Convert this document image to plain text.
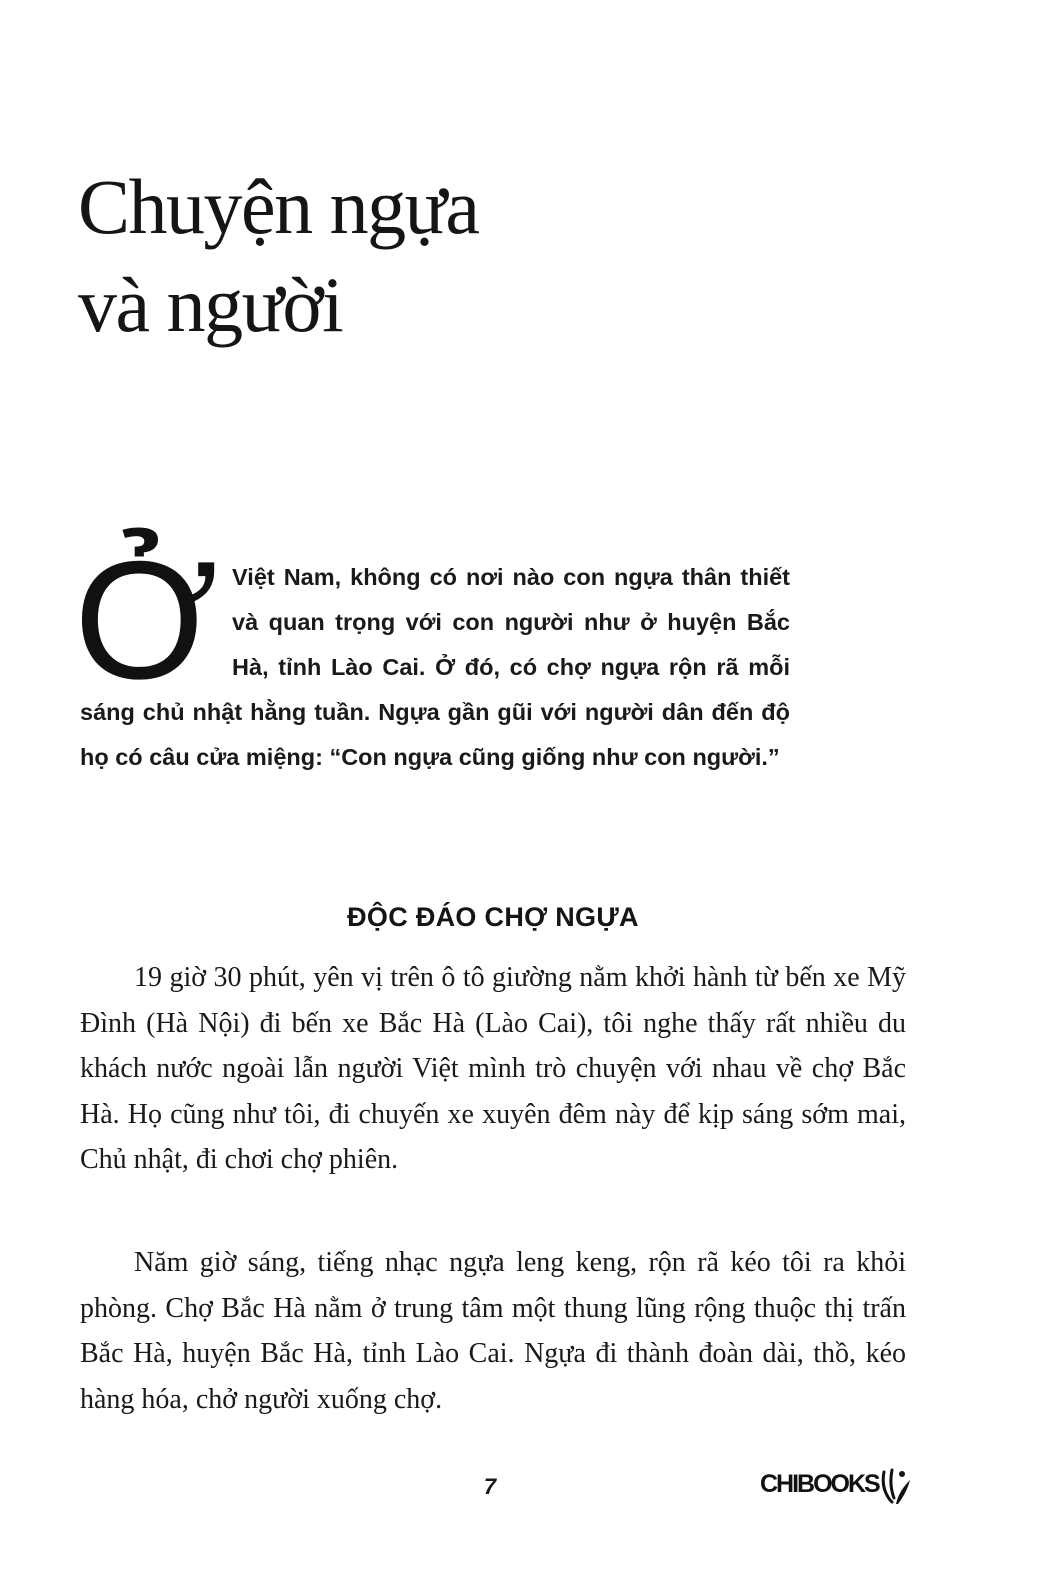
Chuyện ngựa
và người
Ở Việt Nam, không có nơi nào con ngựa thân thiết và quan trọng với con người như ở huyện Bắc Hà, tỉnh Lào Cai. Ở đó, có chợ ngựa rộn rã mỗi sáng chủ nhật hằng tuần. Ngựa gần gũi với người dân đến độ họ có câu cửa miệng: “Con ngựa cũng giống như con người.”

ĐỘC ĐÁO CHỢ NGỰA

19 giờ 30 phút, yên vị trên ô tô giường nằm khởi hành từ bến xe Mỹ Đình (Hà Nội) đi bến xe Bắc Hà (Lào Cai), tôi nghe thấy rất nhiều du khách nước ngoài lẫn người Việt mình trò chuyện với nhau về chợ Bắc Hà. Họ cũng như tôi, đi chuyến xe xuyên đêm này để kịp sáng sớm mai, Chủ nhật, đi chơi chợ phiên.

Năm giờ sáng, tiếng nhạc ngựa leng keng, rộn rã kéo tôi ra khỏi phòng. Chợ Bắc Hà nằm ở trung tâm một thung lũng rộng thuộc thị trấn Bắc Hà, huyện Bắc Hà, tỉnh Lào Cai. Ngựa đi thành đoàn dài, thồ, kéo hàng hóa, chở người xuống chợ.

7	CHIBOOKS
